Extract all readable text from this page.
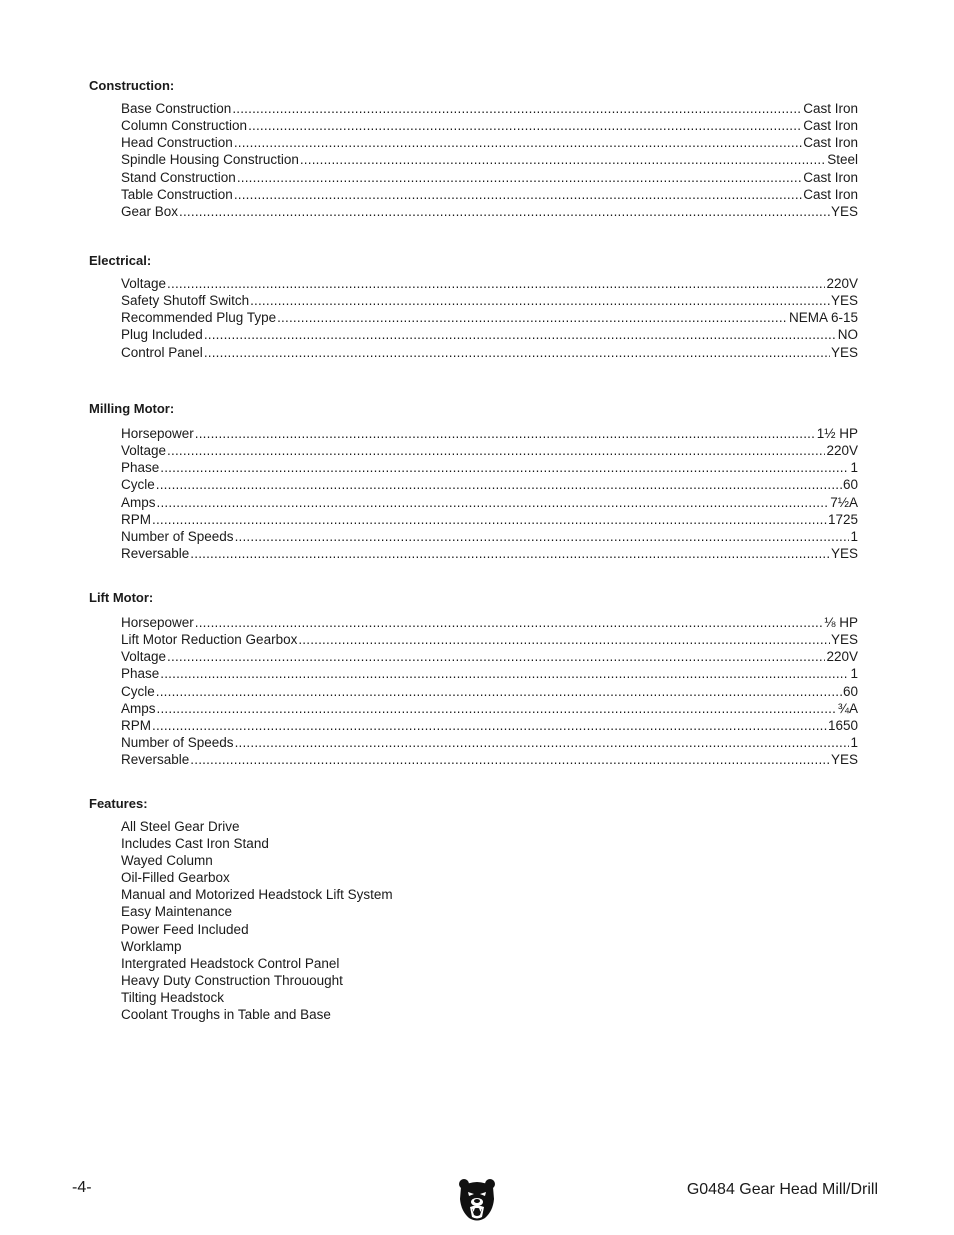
Construction:
Base Construction .....	Cast Iron
Column Construction .....	Cast Iron
Head Construction .....	Cast Iron
Spindle Housing Construction .....	Steel
Stand Construction .....	Cast Iron
Table Construction .....	Cast Iron
Gear Box .....	YES
Electrical:
Voltage .....	220V
Safety Shutoff Switch .....	YES
Recommended Plug Type .....	NEMA 6-15
Plug Included .....	NO
Control Panel .....	YES
Milling Motor:
Horsepower .....	1½ HP
Voltage .....	220V
Phase .....	1
Cycle .....	60
Amps .....	7½A
RPM .....	1725
Number of Speeds .....	1
Reversable .....	YES
Lift Motor:
Horsepower .....	⅛ HP
Lift Motor Reduction Gearbox .....	YES
Voltage .....	220V
Phase .....	1
Cycle .....	60
Amps .....	¾A
RPM .....	1650
Number of Speeds .....	1
Reversable .....	YES
Features:
All Steel Gear Drive
Includes Cast Iron Stand
Wayed Column
Oil-Filled Gearbox
Manual and Motorized Headstock Lift System
Easy Maintenance
Power Feed Included
Worklamp
Intergrated Headstock Control Panel
Heavy Duty Construction Throuought
Tilting Headstock
Coolant Troughs in Table and Base
-4-	G0484 Gear Head Mill/Drill
